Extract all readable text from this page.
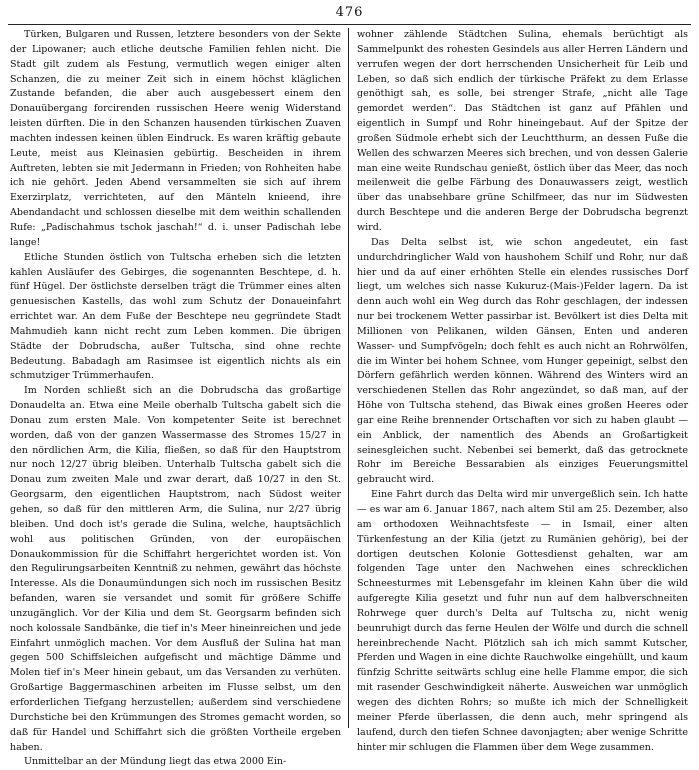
476

Türken, Bulgaren und Russen, letztere besonders von der Sekte der Lipowaner; auch etliche deutsche Familien fehlen nicht. Die Stadt gilt zudem als Festung, vermutlich wegen einiger alten Schanzen, die zu meiner Zeit sich in einem höchst kläglichen Zustande befanden, die aber auch ausgebessert einem den Donauübergang forcirenden russischen Heere wenig Widerstand leisten dürften. Die in den Schanzen hausenden türkischen Zuaven machten indessen keinen üblen Eindruck. Es waren kräftig gebaute Leute, meist aus Kleinasien gebürtig. Bescheiden in ihrem Auftreten, lebten sie mit Jedermann in Frieden; von Rohheiten habe ich nie gehört. Jeden Abend versammelten sie sich auf ihrem Exerzirplatz, verrichteten, auf den Mänteln knieend, ihre Abendandacht und schlossen dieselbe mit dem weithin schallenden Rufe: „Padischahmus tschok jaschah!“ d. i. unser Padischah lebe lange!

Etliche Stunden östlich von Tultscha erheben sich die letzten kahlen Ausläufer des Gebirges, die sogenannten Beschtepe, d. h. fünf Hügel. Der östlichste derselben trägt die Trümmer eines alten genuesischen Kastells, das wohl zum Schutz der Donaueinfahrt errichtet war. An dem Fuße der Beschtepe neu gegründete Stadt Mahmudieh kann nicht recht zum Leben kommen. Die übrigen Städte der Dobrudscha, außer Tultscha, sind ohne rechte Bedeutung. Babadagh am Rasimsee ist eigentlich nichts als ein schmutziger Trümmerhaufen.

Im Norden schließt sich an die Dobrudscha das großartige Donaudelta an. Etwa eine Meile oberhalb Tultscha gabelt sich die Donau zum ersten Male. Von kompetenter Seite ist berechnet worden, daß von der ganzen Wassermasse des Stromes 15/27 in den nördlichen Arm, die Kilia, fließen, so daß für den Hauptstrom nur noch 12/27 übrig bleiben. Unterhalb Tultscha gabelt sich die Donau zum zweiten Male und zwar derart, daß 10/27 in den St. Georgsarm, den eigentlichen Hauptstrom, nach Südost weiter gehen, so daß für den mittleren Arm, die Sulina, nur 2/27 übrig bleiben. Und doch ist's gerade die Sulina, welche, hauptsächlich wohl aus politischen Gründen, von der europäischen Donaukommission für die Schiffahrt hergerichtet worden ist. Von den Regulirungsarbeiten Kenntniß zu nehmen, gewährt das höchste Interesse. Als die Donaumündungen sich noch im russischen Besitz befanden, waren sie versandet und somit für größere Schiffe unzugänglich. Vor der Kilia und dem St. Georgsarm befinden sich noch kolossale Sandbänke, die tief in's Meer hineinreichen und jede Einfahrt unmöglich machen. Vor dem Ausfluß der Sulina hat man gegen 500 Schiffsleichen aufgefischt und mächtige Dämme und Molen tief in's Meer hinein gebaut, um das Versanden zu verhüten. Großartige Baggermaschinen arbeiten im Flusse selbst, um den erforderlichen Tiefgang herzustellen; außerdem sind verschiedene Durchstiche bei den Krümmungen des Stromes gemacht worden, so daß für Handel und Schiffahrt sich die größten Vortheile ergeben haben.

Unmittelbar an der Mündung liegt das etwa 2000 Ein-

wohner zählende Städtchen Sulina, ehemals berüchtigt als Sammelpunkt des rohesten Gesindels aus aller Herren Ländern und verrufen wegen der dort herrschenden Unsicherheit für Leib und Leben, so daß sich endlich der türkische Präfekt zu dem Erlasse genöthigt sah, es solle, bei strenger Strafe, „nicht alle Tage gemordet werden“. Das Städtchen ist ganz auf Pfählen und eigentlich in Sumpf und Rohr hineingebaut. Auf der Spitze der großen Südmole erhebt sich der Leuchtthurm, an dessen Fuße die Wellen des schwarzen Meeres sich brechen, und von dessen Galerie man eine weite Rundschau genießt, östlich über das Meer, das noch meilenweit die gelbe Färbung des Donauwassers zeigt, westlich über das unabsehbare grüne Schilfmeer, das nur im Südwesten durch Beschtepe und die anderen Berge der Dobrudscha begrenzt wird.

Das Delta selbst ist, wie schon angedeutet, ein fast undurchdringlicher Wald von haushohem Schilf und Rohr, nur daß hier und da auf einer erhöhten Stelle ein elendes russisches Dorf liegt, um welches sich nasse Kukuruz-(Mais-)Felder lagern. Da ist denn auch wohl ein Weg durch das Rohr geschlagen, der indessen nur bei trockenem Wetter passirbar ist. Bevölkert ist dies Delta mit Millionen von Pelikanen, wilden Gänsen, Enten und anderen Wasser- und Sumpfvögeln; doch fehlt es auch nicht an Rohrwölfen, die im Winter bei hohem Schnee, vom Hunger gepeinigt, selbst den Dörfern gefährlich werden können. Während des Winters wird an verschiedenen Stellen das Rohr angezündet, so daß man, auf der Höhe von Tultscha stehend, das Biwak eines großen Heeres oder gar eine Reihe brennender Ortschaften vor sich zu haben glaubt — ein Anblick, der namentlich des Abends an Großartigkeit seinesgleichen sucht. Nebenbei sei bemerkt, daß das getrocknete Rohr im Bereiche Bessarabien als einziges Feuerungsmittel gebraucht wird.

Eine Fahrt durch das Delta wird mir unvergeßlich sein. Ich hatte — es war am 6. Januar 1867, nach altem Stil am 25. Dezember, also am orthodoxen Weihnachtsfeste — in Ismail, einer alten Türkenfestung an der Kilia (jetzt zu Rumänien gehörig), bei der dortigen deutschen Kolonie Gottesdienst gehalten, war am folgenden Tage unter den Nachwehen eines schrecklichen Schneesturmes mit Lebensgefahr im kleinen Kahn über die wild aufgeregte Kilia gesetzt und fuhr nun auf dem halbverschneiten Rohrwege quer durch's Delta auf Tultscha zu, nicht wenig beunruhigt durch das ferne Heulen der Wölfe und durch die schnell hereinbrechende Nacht. Plötzlich sah ich mich sammt Kutscher, Pferden und Wagen in eine dichte Rauchwolke eingehüllt, und kaum fünfzig Schritte seitwärts schlug eine helle Flamme empor, die sich mit rasender Geschwindigkeit näherte. Ausweichen war unmöglich wegen des dichten Rohrs; so mußte ich mich der Schnelligkeit meiner Pferde überlassen, die denn auch, mehr springend als laufend, durch den tiefen Schnee davonjagten; aber wenige Schritte hinter mir schlugen die Flammen über dem Wege zusammen.
